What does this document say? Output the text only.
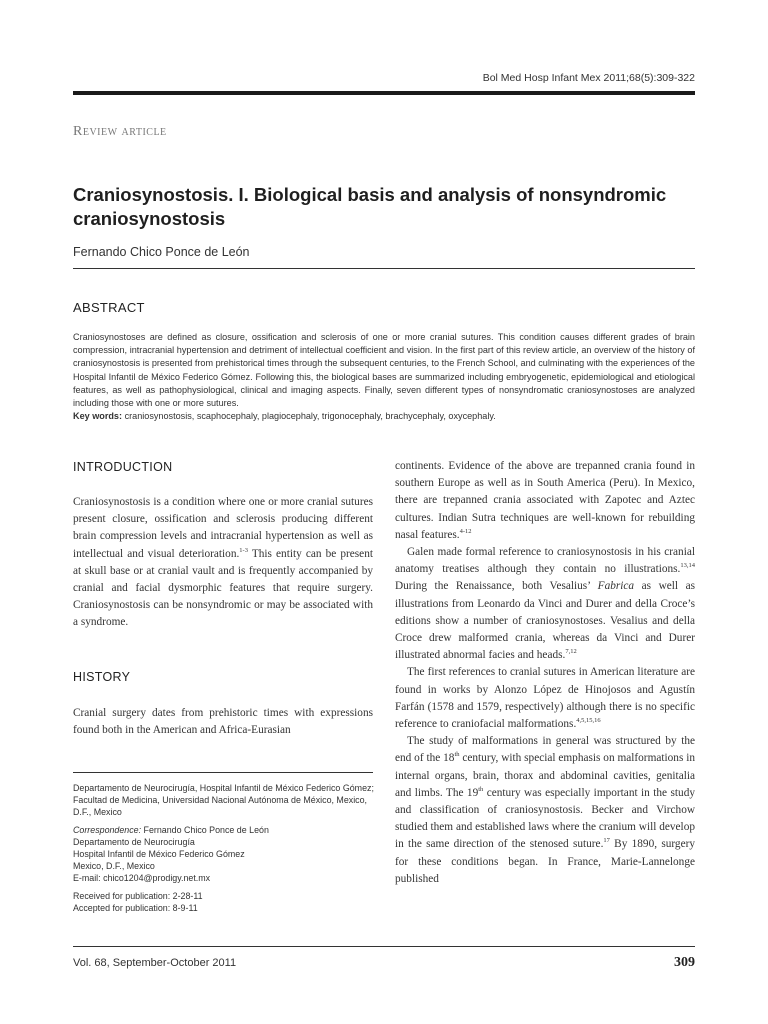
Bol Med Hosp Infant Mex 2011;68(5):309-322
Review article
Craniosynostosis. I. Biological basis and analysis of nonsyndromic craniosynostosis
Fernando Chico Ponce de León
ABSTRACT

Craniosynostoses are defined as closure, ossification and sclerosis of one or more cranial sutures. This condition causes different grades of brain compression, intracranial hypertension and detriment of intellectual coefficient and vision. In the first part of this review article, an overview of the history of craniosynostosis is presented from prehistorical times through the subsequent centuries, to the French School, and culminating with the experiences of the Hospital Infantil de México Federico Gómez. Following this, the biological bases are summarized including embryogenetic, epidemiological and etiological features, as well as pathophysiological, clinical and imaging aspects. Finally, seven different types of nonsyndromatic craniosynostoses are analyzed including those with one or more sutures.

Key words: craniosynostosis, scaphocephaly, plagiocephaly, trigonocephaly, brachycephaly, oxycephaly.

INTRODUCTION

Craniosynostosis is a condition where one or more cranial sutures present closure, ossification and sclerosis producing different brain compression levels and intracranial hypertension as well as intellectual and visual deterioration.$^{1-3}$ This entity can be present at skull base or at cranial vault and is frequently accompanied by cranial and facial dysmorphic features that require surgery. Craniosynostosis can be nonsyndromic or may be associated with a syndrome.

HISTORY

Cranial surgery dates from prehistoric times with expressions found both in the American and Africa-Eurasian

Departamento de Neurocirugía, Hospital Infantil de México Federico Gómez; Facultad de Medicina, Universidad Nacional Autónoma de México, Mexico, D.F., Mexico

Correspondence: Fernando Chico Ponce de León
Departamento de Neurocirugía
Hospital Infantil de México Federico Gómez
Mexico, D.F., Mexico
E-mail: chico1204@prodigy.net.mx

Received for publication: 2-28-11
Accepted for publication: 8-9-11

continents. Evidence of the above are trepanned crania found in southern Europe as well as in South America (Peru). In Mexico, there are trepanned crania associated with Zapotec and Aztec cultures. Indian Sutra techniques are well-known for rebuilding nasal features.$^{4-12}$

Galen made formal reference to craniosynostosis in his cranial anatomy treatises although they contain no illustrations.$^{13,14}$ During the Renaissance, both Vesalius’ Fabrica as well as illustrations from Leonardo da Vinci and Durer and della Croce’s editions show a number of craniosynostoses. Vesalius and della Croce drew malformed crania, whereas da Vinci and Durer illustrated abnormal facies and heads.$^{7,12}$

The first references to cranial sutures in American literature are found in works by Alonzo López de Hinojosos and Agustín Farfán (1578 and 1579, respectively) although there is no specific reference to craniofacial malformations.$^{4,5,15,16}$

The study of malformations in general was structured by the end of the 18th century, with special emphasis on malformations in internal organs, brain, thorax and abdominal cavities, genitalia and limbs. The 19th century was especially important in the study and classification of craniosynostosis. Becker and Virchow studied them and established laws where the cranium will develop in the same direction of the stenosed suture.$^{17}$ By 1890, surgery for these conditions began. In France, Marie-Lannelonge published

Vol. 68, September-October 2011	309
